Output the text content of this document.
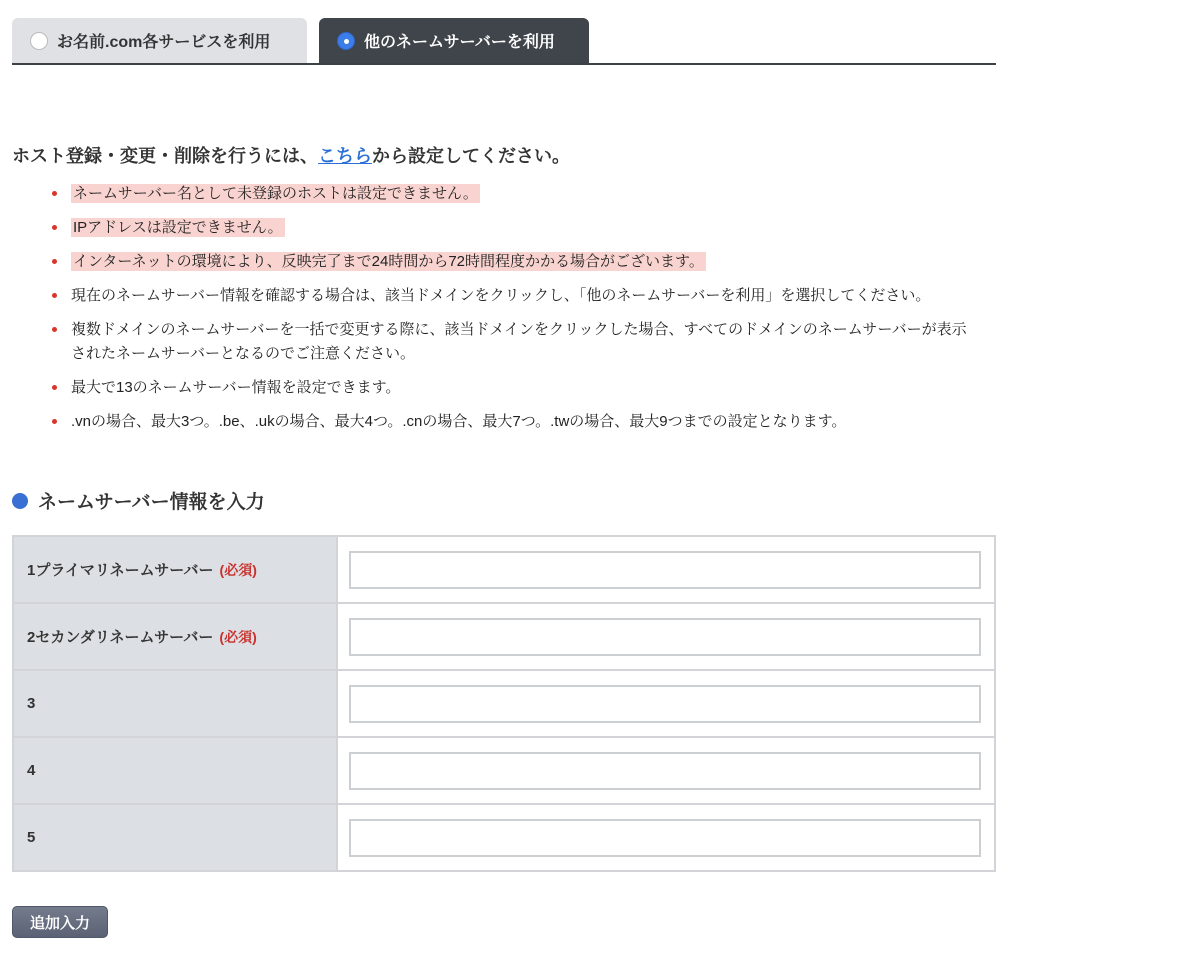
お名前.com各サービスを利用	他のネームサーバーを利用
ホスト登録・変更・削除を行うには、こちらから設定してください。
ネームサーバー名として未登録のホストは設定できません。
IPアドレスは設定できません。
インターネットの環境により、反映完了まで24時間から72時間程度かかる場合がございます。
現在のネームサーバー情報を確認する場合は、該当ドメインをクリックし、「他のネームサーバーを利用」を選択してください。
複数ドメインのネームサーバーを一括で変更する際に、該当ドメインをクリックした場合、すべてのドメインのネームサーバーが表示されたネームサーバーとなるのでご注意ください。
最大で13のネームサーバー情報を設定できます。
.vnの場合、最大3つ。.be、.ukの場合、最大4つ。.cnの場合、最大7つ。.twの場合、最大9つまでの設定となります。
ネームサーバー情報を入力
1プライマリネームサーバー (必須)	
2セカンダリネームサーバー (必須)	
3	
4	
5	
追加入力
